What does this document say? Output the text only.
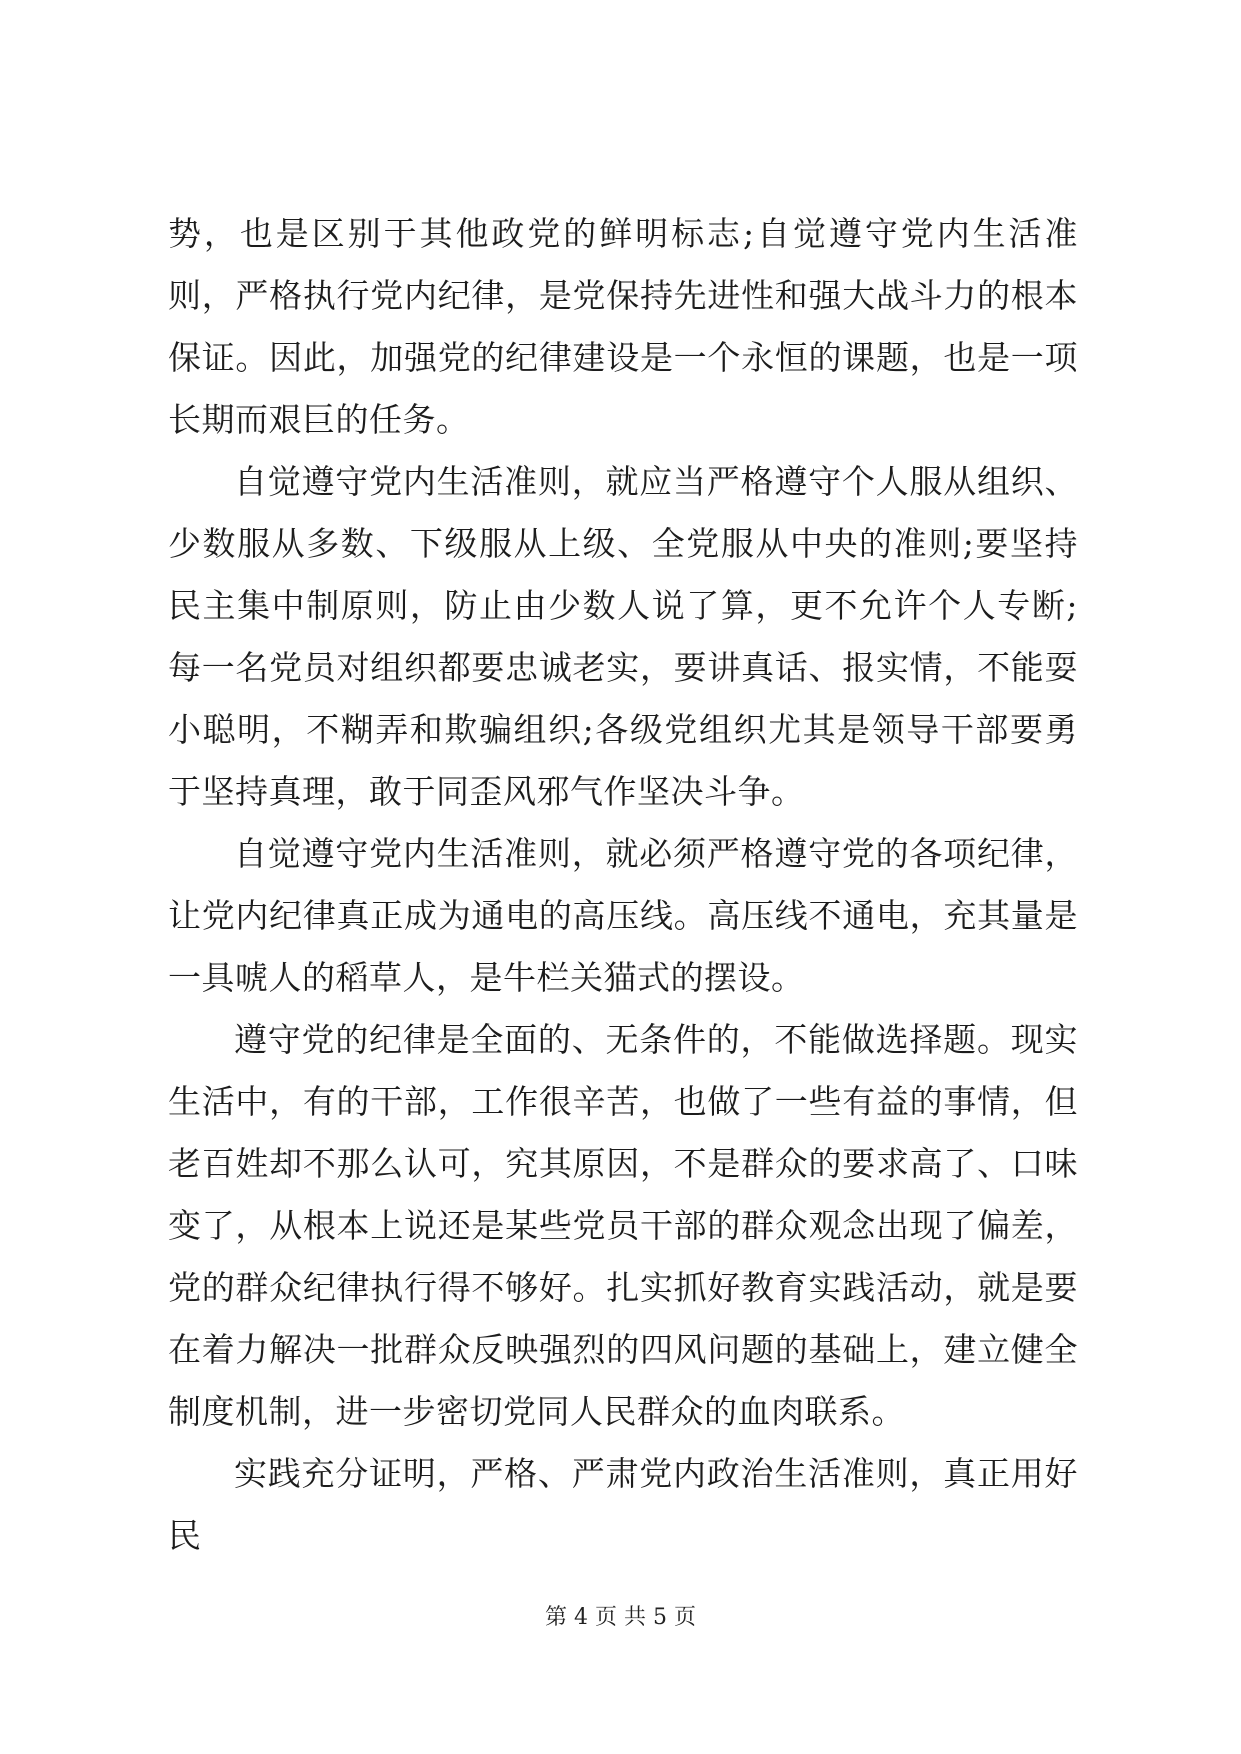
势，也是区别于其他政党的鲜明标志;自觉遵守党内生活准则，严格执行党内纪律，是党保持先进性和强大战斗力的根本保证。因此，加强党的纪律建设是一个永恒的课题，也是一项长期而艰巨的任务。

自觉遵守党内生活准则，就应当严格遵守个人服从组织、少数服从多数、下级服从上级、全党服从中央的准则;要坚持民主集中制原则，防止由少数人说了算，更不允许个人专断;每一名党员对组织都要忠诚老实，要讲真话、报实情，不能耍小聪明，不糊弄和欺骗组织;各级党组织尤其是领导干部要勇于坚持真理，敢于同歪风邪气作坚决斗争。

自觉遵守党内生活准则，就必须严格遵守党的各项纪律，让党内纪律真正成为通电的高压线。高压线不通电，充其量是一具唬人的稻草人，是牛栏关猫式的摆设。

遵守党的纪律是全面的、无条件的，不能做选择题。现实生活中，有的干部，工作很辛苦，也做了一些有益的事情，但老百姓却不那么认可，究其原因，不是群众的要求高了、口味变了，从根本上说还是某些党员干部的群众观念出现了偏差，党的群众纪律执行得不够好。扎实抓好教育实践活动，就是要在着力解决一批群众反映强烈的四风问题的基础上，建立健全制度机制，进一步密切党同人民群众的血肉联系。

实践充分证明，严格、严肃党内政治生活准则，真正用好民

第 4 页 共 5 页
